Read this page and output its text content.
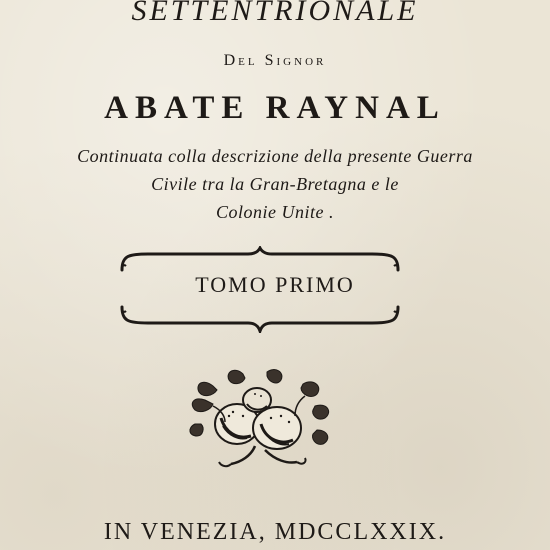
SETTENTRIONALE
Del Signor
ABATE RAYNAL
Continuata colla descrizione della presente Guerra
Civile tra la Gran-Bretagna e le
Colonie Unite .
TOMO PRIMO
IN VENEZIA, MDCCLXXIX.
